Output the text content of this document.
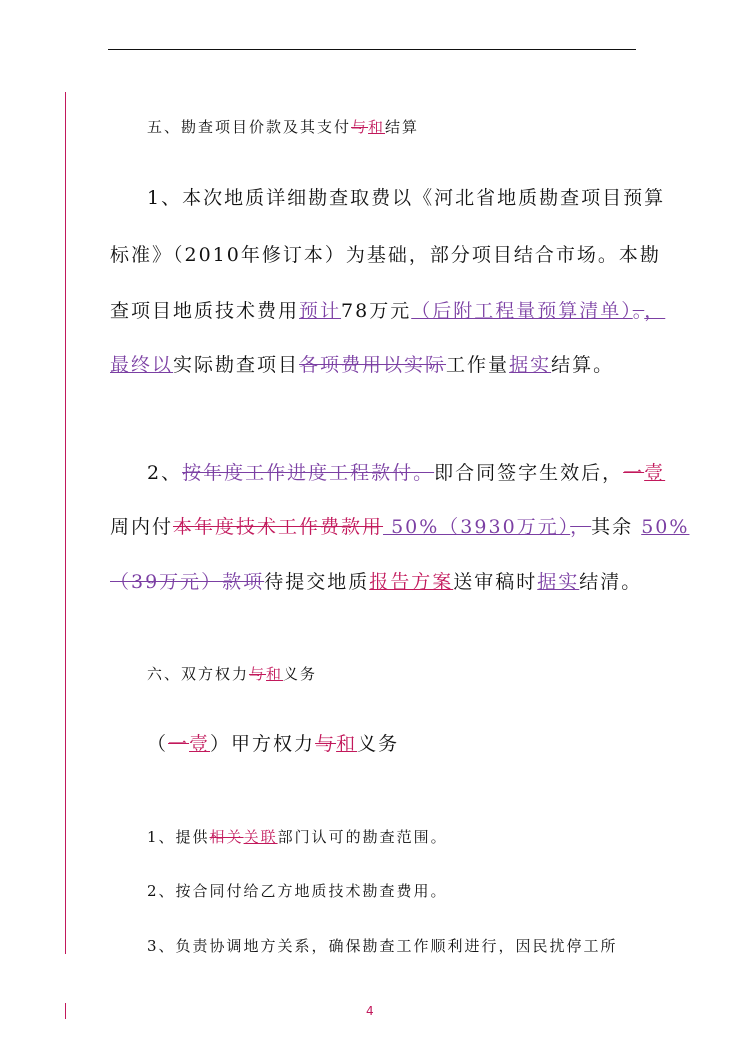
五、勘查项目价款及其支付与和结算
1、本次地质详细勘查取费以《河北省地质勘查项目预算
标准》（2010年修订本）为基础，部分项目结合市场。本勘
查项目地质技术费用预计78万元（后附工程量预算清单）。，
最终以实际勘查项目各项费用以实际工作量据实结算。
2、按年度工作进度工程款付。即合同签字生效后，一壹
周内付本年度技术工作费款用 50%（3930万元），其余 50%
（39万元）款项待提交地质报告方案送审稿时据实结清。
六、双方权力与和义务
（一壹）甲方权力与和义务
1、提供相关关联部门认可的勘查范围。
2、按合同付给乙方地质技术勘查费用。
3、负责协调地方关系，确保勘查工作顺利进行，因民扰停工所
4
